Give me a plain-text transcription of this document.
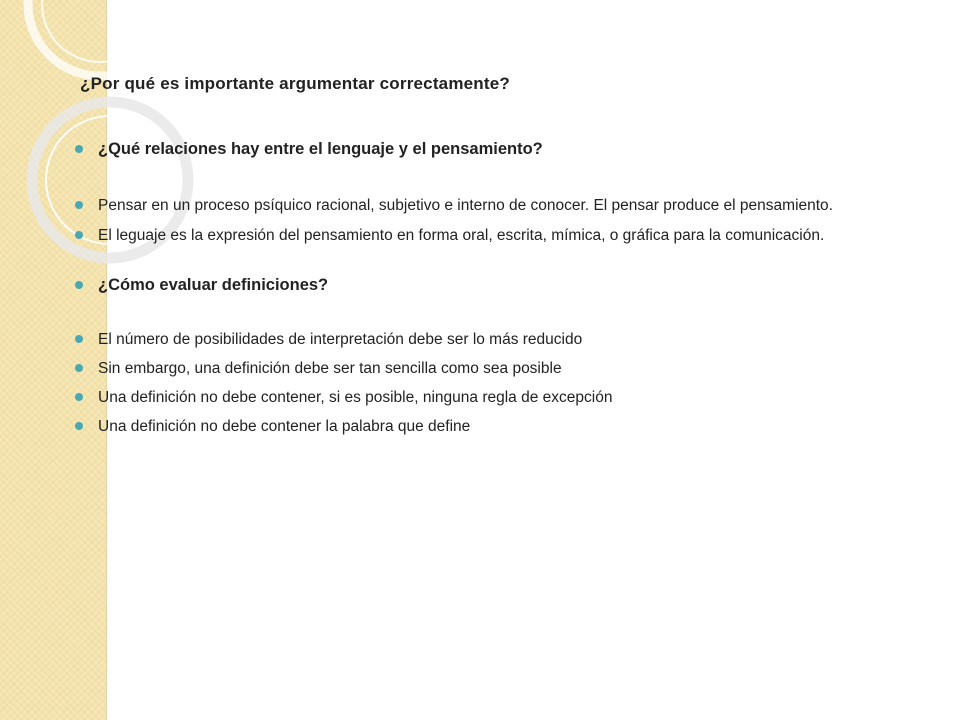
¿Por qué es importante argumentar correctamente?
¿Qué relaciones hay entre el lenguaje y el pensamiento?
Pensar en un proceso psíquico racional, subjetivo e interno de conocer. El pensar produce el pensamiento.
El leguaje es la expresión del pensamiento en forma oral, escrita, mímica, o gráfica para la comunicación.
¿Cómo evaluar definiciones?
El número de posibilidades de interpretación debe ser lo más reducido
Sin embargo, una definición debe ser tan sencilla como sea posible
Una definición no debe contener, si es posible, ninguna regla de excepción
Una definición no debe contener la palabra que define
